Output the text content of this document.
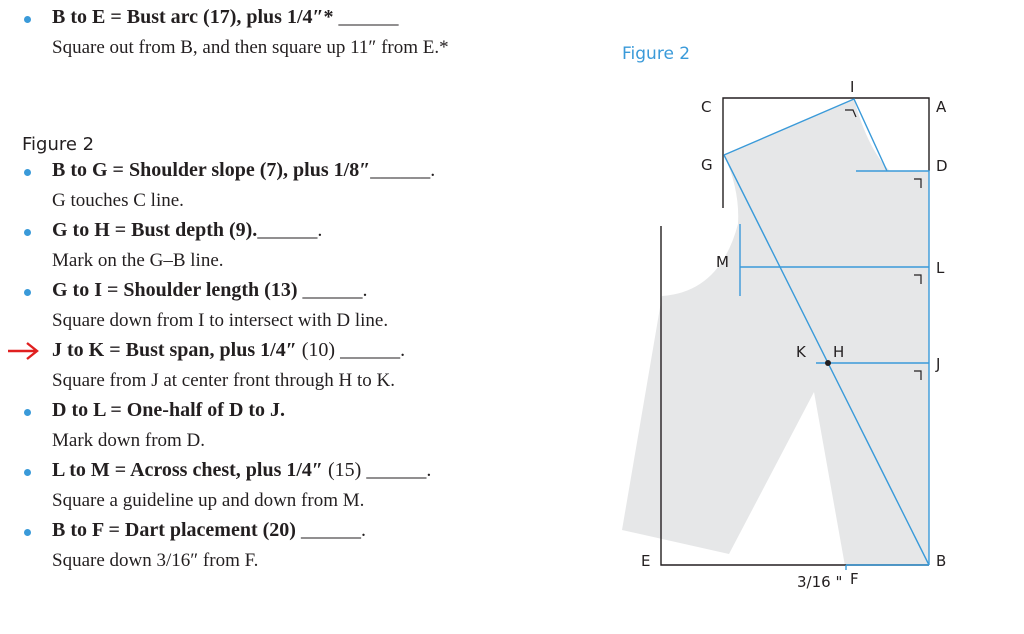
B to E = Bust arc (17), plus 1/4″* ______
Square out from B, and then square up 11″ from E.*
Figure 2
B to G = Shoulder slope (7), plus 1/8″______.
G touches C line.
G to H = Bust depth (9).______.
Mark on the G–B line.
G to I = Shoulder length (13) ______.
Square down from I to intersect with D line.
J to K = Bust span, plus 1/4″ (10) ______.
Square from J at center front through H to K.
D to L = One-half of D to J.
Mark down from D.
L to M = Across chest, plus 1/4″ (15) ______.
Square a guideline up and down from M.
B to F = Dart placement (20) ______.
Square down 3/16″ from F.
Figure 2
I
C	A
G	D
M	L
K H
J
E	B
3/16 " F
